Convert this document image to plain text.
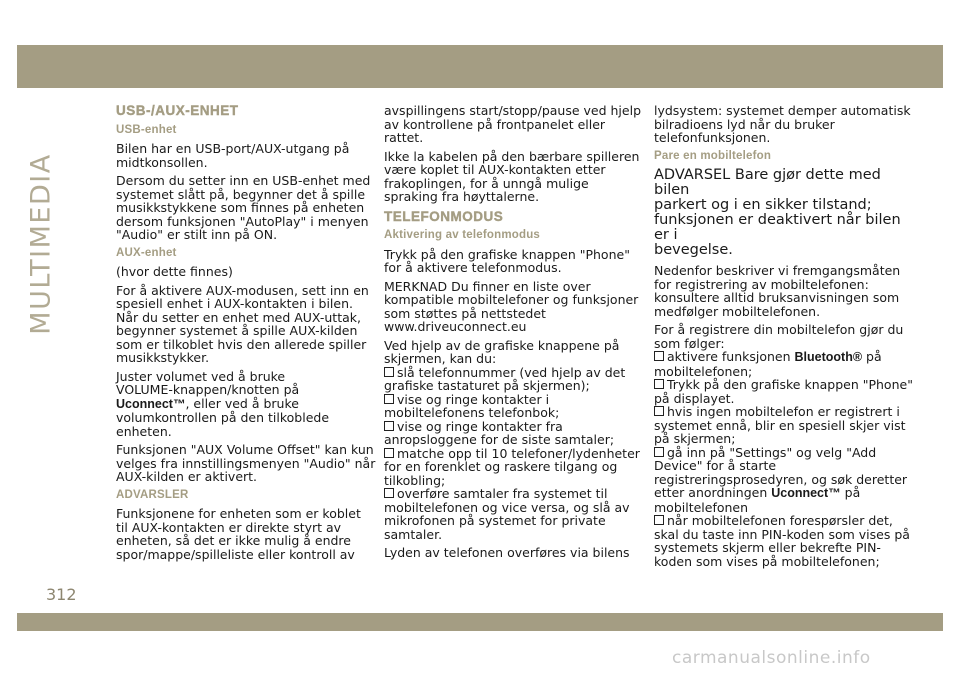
MULTIMEDIA
312
carmanualsonline.info
USB-/AUX-ENHET
USB-enhet

Bilen har en USB-port/AUX-utgang på
midtkonsollen.

Dersom du setter inn en USB-enhet med
systemet slått på, begynner det å spille
musikkstykkene som finnes på enheten
dersom funksjonen "AutoPlay" i menyen
"Audio" er stilt inn på ON.

AUX-enhet

(hvor dette finnes)

For å aktivere AUX-modusen, sett inn en
spesiell enhet i AUX-kontakten i bilen.
Når du setter en enhet med AUX-uttak,
begynner systemet å spille AUX-kilden
som er tilkoblet hvis den allerede spiller
musikkstykker.

Juster volumet ved å bruke
VOLUME-knappen/knotten på
Uconnect™, eller ved å bruke
volumkontrollen på den tilkoblede
enheten.

Funksjonen "AUX Volume Offset" kan kun
velges fra innstillingsmenyen "Audio" når
AUX-kilden er aktivert.

ADVARSLER

Funksjonene for enheten som er koblet
til AUX-kontakten er direkte styrt av
enheten, så det er ikke mulig å endre
spor/mappe/spilleliste eller kontroll av

avspillingens start/stopp/pause ved hjelp
av kontrollene på frontpanelet eller
rattet.

Ikke la kabelen på den bærbare spilleren
være koplet til AUX-kontakten etter
frakoplingen, for å unngå mulige
spraking fra høyttalerne.

TELEFONMODUS
Aktivering av telefonmodus

Trykk på den grafiske knappen "Phone"
for å aktivere telefonmodus.

MERKNAD Du finner en liste over
kompatible mobiltelefoner og funksjoner
som støttes på nettstedet
www.driveuconnect.eu

Ved hjelp av de grafiske knappene på
skjermen, kan du:

slå telefonnummer (ved hjelp av det grafiske tastaturet på skjermen);

vise og ringe kontakter i mobiltelefonens telefonbok;

vise og ringe kontakter fra anropsloggene for de siste samtaler;

matche opp til 10 telefoner/lydenheter for en forenklet og raskere tilgang og tilkobling;

overføre samtaler fra systemet til mobiltelefonen og vice versa, og slå av mikrofonen på systemet for private samtaler.

Lyden av telefonen overføres via bilens

lydsystem: systemet demper automatisk
bilradioens lyd når du bruker
telefonfunksjonen.

Pare en mobiltelefon

ADVARSEL Bare gjør dette med bilen
parkert og i en sikker tilstand;
funksjonen er deaktivert når bilen er i
bevegelse.

Nedenfor beskriver vi fremgangsmåten
for registrering av mobiltelefonen:
konsultere alltid bruksanvisningen som
medfølger mobiltelefonen.

For å registrere din mobiltelefon gjør du
som følger:

aktivere funksjonen Bluetooth® på
mobiltelefonen;

Trykk på den grafiske knappen "Phone" på displayet.

hvis ingen mobiltelefon er registrert i systemet ennå, blir en spesiell skjer vist på skjermen;

gå inn på "Settings" og velg "Add
Device" for å starte
registreringsprosedyren, og søk deretter
etter anordningen Uconnect™ på
mobiltelefonen

når mobiltelefonen forespørsler det, skal du taste inn PIN-koden som vises på systemets skjerm eller bekrefte PIN-koden som vises på mobiltelefonen;
